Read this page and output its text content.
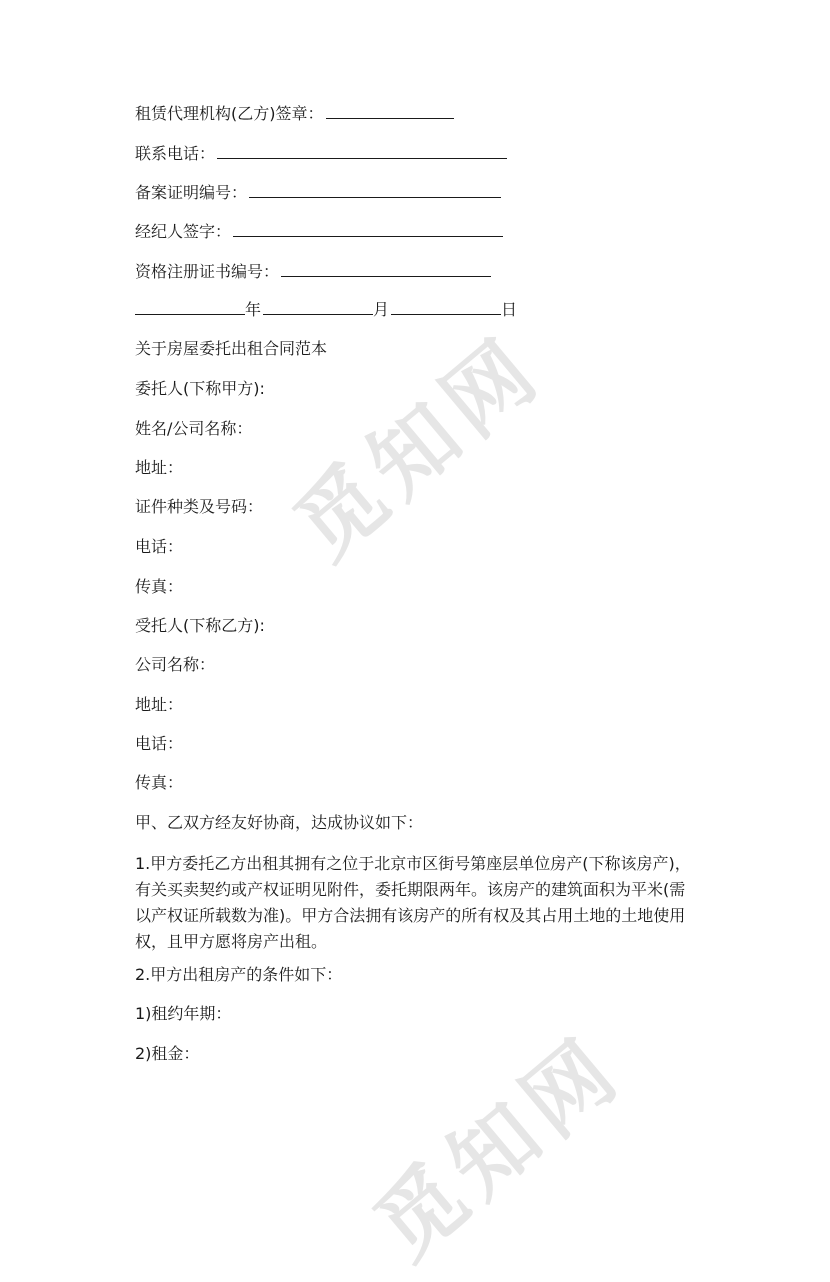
觅知网
觅知网
租赁代理机构(乙方)签章：
联系电话：
备案证明编号：
经纪人签字：
资格注册证书编号：
年	月	日
关于房屋委托出租合同范本
委托人(下称甲方):
姓名/公司名称：
地址：
证件种类及号码：
电话：
传真：
受托人(下称乙方):
公司名称：
地址：
电话：
传真：
甲、乙双方经友好协商，达成协议如下：
1.甲方委托乙方出租其拥有之位于北京市区街号第座层单位房产(下称该房产)，有关买卖契约或产权证明见附件，委托期限两年。该房产的建筑面积为平米(需以产权证所载数为准)。甲方合法拥有该房产的所有权及其占用土地的土地使用权，且甲方愿将房产出租。
2.甲方出租房产的条件如下：
1)租约年期：
2)租金：
